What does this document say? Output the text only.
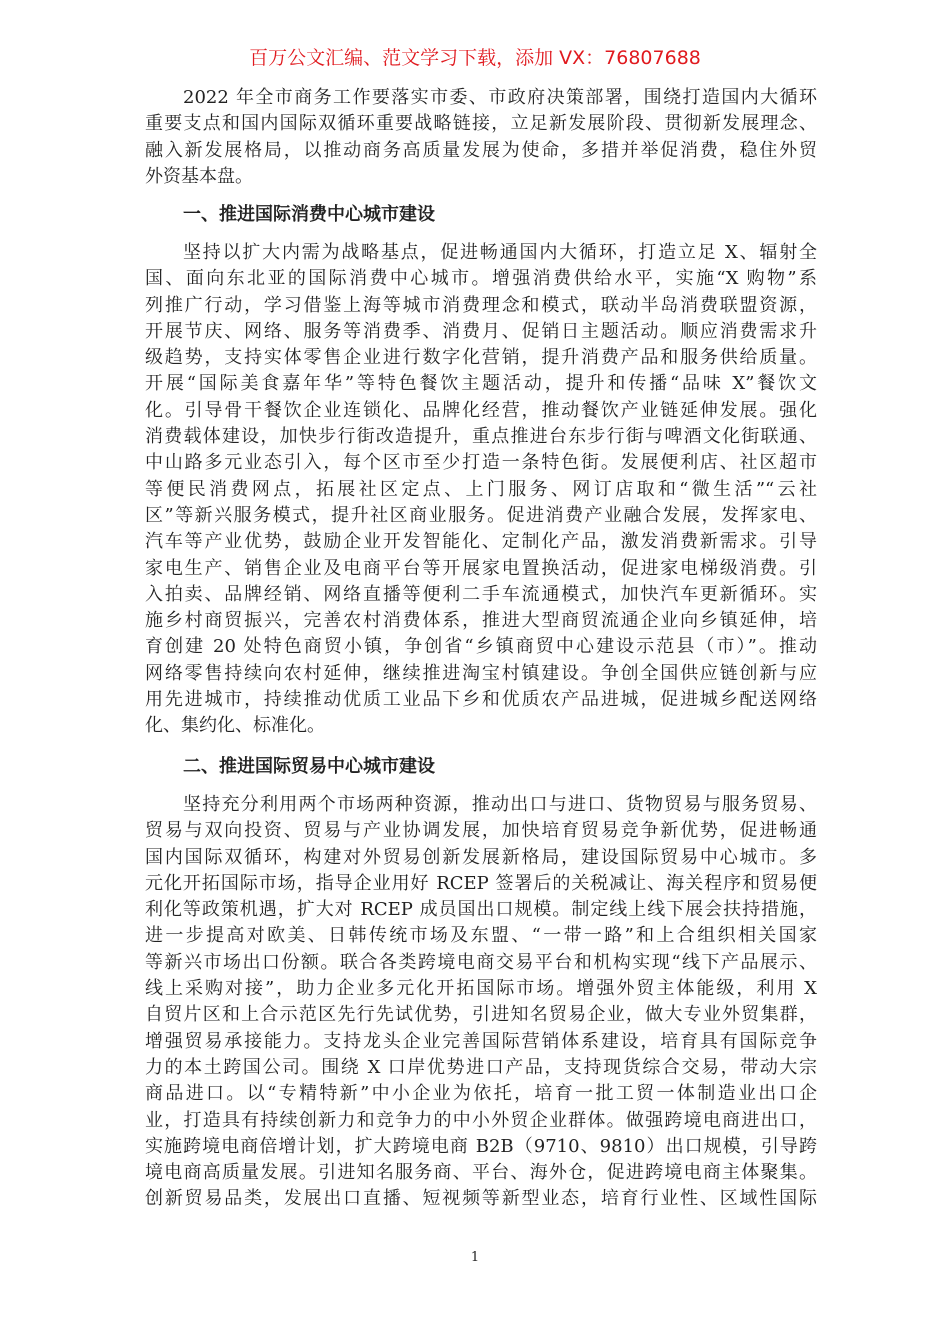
百万公文汇编、范文学习下载，添加 VX：76807688
2022 年全市商务工作要落实市委、市政府决策部署，围绕打造国内大循环
重要支点和国内国际双循环重要战略链接，立足新发展阶段、贯彻新发展理念、
融入新发展格局，以推动商务高质量发展为使命，多措并举促消费，稳住外贸
外资基本盘。
一、推进国际消费中心城市建设
坚持以扩大内需为战略基点，促进畅通国内大循环，打造立足 X、辐射全
国、面向东北亚的国际消费中心城市。增强消费供给水平，实施“X 购物”系
列推广行动，学习借鉴上海等城市消费理念和模式，联动半岛消费联盟资源，
开展节庆、网络、服务等消费季、消费月、促销日主题活动。顺应消费需求升
级趋势，支持实体零售企业进行数字化营销，提升消费产品和服务供给质量。
开展“国际美食嘉年华”等特色餐饮主题活动，提升和传播“品味 X”餐饮文
化。引导骨干餐饮企业连锁化、品牌化经营，推动餐饮产业链延伸发展。强化
消费载体建设，加快步行街改造提升，重点推进台东步行街与啤酒文化街联通、
中山路多元业态引入，每个区市至少打造一条特色街。发展便利店、社区超市
等便民消费网点，拓展社区定点、上门服务、网订店取和“微生活”“云社
区”等新兴服务模式，提升社区商业服务。促进消费产业融合发展，发挥家电、
汽车等产业优势，鼓励企业开发智能化、定制化产品，激发消费新需求。引导
家电生产、销售企业及电商平台等开展家电置换活动，促进家电梯级消费。引
入拍卖、品牌经销、网络直播等便利二手车流通模式，加快汽车更新循环。实
施乡村商贸振兴，完善农村消费体系，推进大型商贸流通企业向乡镇延伸，培
育创建 20 处特色商贸小镇，争创省“乡镇商贸中心建设示范县（市）”。推动
网络零售持续向农村延伸，继续推进淘宝村镇建设。争创全国供应链创新与应
用先进城市，持续推动优质工业品下乡和优质农产品进城，促进城乡配送网络
化、集约化、标准化。
二、推进国际贸易中心城市建设
坚持充分利用两个市场两种资源，推动出口与进口、货物贸易与服务贸易、
贸易与双向投资、贸易与产业协调发展，加快培育贸易竞争新优势，促进畅通
国内国际双循环，构建对外贸易创新发展新格局，建设国际贸易中心城市。多
元化开拓国际市场，指导企业用好 RCEP 签署后的关税减让、海关程序和贸易便
利化等政策机遇，扩大对 RCEP 成员国出口规模。制定线上线下展会扶持措施，
进一步提高对欧美、日韩传统市场及东盟、“一带一路”和上合组织相关国家
等新兴市场出口份额。联合各类跨境电商交易平台和机构实现“线下产品展示、
线上采购对接”，助力企业多元化开拓国际市场。增强外贸主体能级，利用 X
自贸片区和上合示范区先行先试优势，引进知名贸易企业，做大专业外贸集群，
增强贸易承接能力。支持龙头企业完善国际营销体系建设，培育具有国际竞争
力的本土跨国公司。围绕 X 口岸优势进口产品，支持现货综合交易，带动大宗
商品进口。以“专精特新”中小企业为依托，培育一批工贸一体制造业出口企
业，打造具有持续创新力和竞争力的中小外贸企业群体。做强跨境电商进出口，
实施跨境电商倍增计划，扩大跨境电商 B2B（9710、9810）出口规模，引导跨
境电商高质量发展。引进知名服务商、平台、海外仓，促进跨境电商主体聚集。
创新贸易品类，发展出口直播、短视频等新型业态，培育行业性、区域性国际
1
